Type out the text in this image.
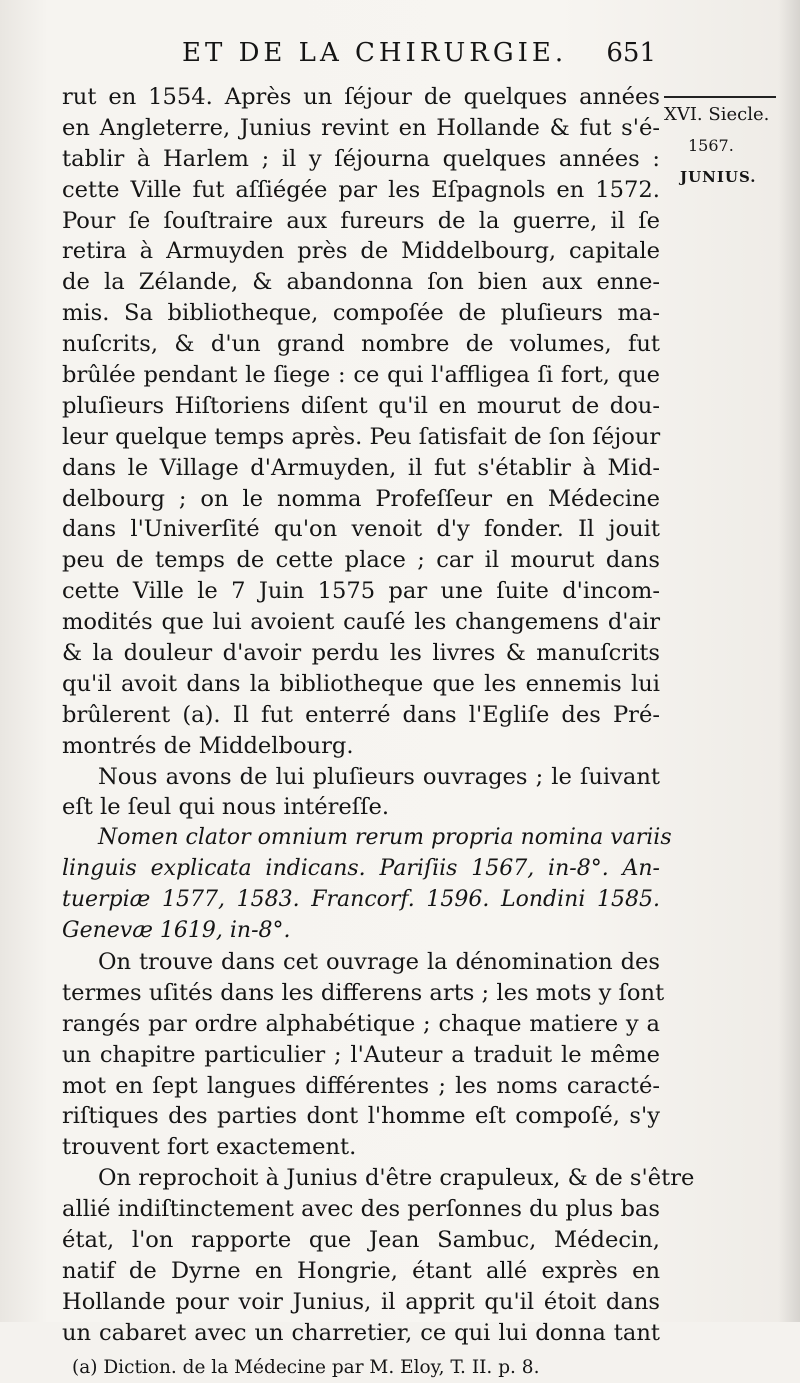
ET DE LA CHIRURGIE. 651
XVI. Siecle.
1567.
JUNIUS.
rut en 1554. Après un ſéjour de quelques années
en Angleterre, Junius revint en Hollande & fut s'é-
tablir à Harlem ; il y ſéjourna quelques années :
cette Ville fut aſſiégée par les Eſpagnols en 1572.
Pour ſe ſouſtraire aux fureurs de la guerre, il ſe
retira à Armuyden près de Middelbourg, capitale
de la Zélande, & abandonna ſon bien aux enne-
mis. Sa bibliotheque, compoſée de pluſieurs ma-
nuſcrits, & d'un grand nombre de volumes, fut
brûlée pendant le ſiege : ce qui l'affligea ſi fort, que
pluſieurs Hiſtoriens diſent qu'il en mourut de dou-
leur quelque temps après. Peu ſatisfait de ſon ſéjour
dans le Village d'Armuyden, il fut s'établir à Mid-
delbourg ; on le nomma Profeſſeur en Médecine
dans l'Univerſité qu'on venoit d'y fonder. Il jouit
peu de temps de cette place ; car il mourut dans
cette Ville le 7 Juin 1575 par une ſuite d'incom-
modités que lui avoient cauſé les changemens d'air
& la douleur d'avoir perdu les livres & manuſcrits
qu'il avoit dans la bibliotheque que les ennemis lui
brûlerent (a). Il fut enterré dans l'Egliſe des Pré-
montrés de Middelbourg.
Nous avons de lui pluſieurs ouvrages ; le ſuivant
eſt le ſeul qui nous intéreſſe.
Nomen clator omnium rerum propria nomina variis
linguis explicata indicans. Pariſiis 1567, in-8°. An-
tuerpiæ 1577, 1583. Francorf. 1596. Londini 1585.
Genevæ 1619, in-8°.
On trouve dans cet ouvrage la dénomination des
termes uſités dans les differens arts ; les mots y ſont
rangés par ordre alphabétique ; chaque matiere y a
un chapitre particulier ; l'Auteur a traduit le même
mot en ſept langues différentes ; les noms caracté-
riſtiques des parties dont l'homme eſt compoſé, s'y
trouvent fort exactement.
On reprochoit à Junius d'être crapuleux, & de s'être
allié indiſtinctement avec des perſonnes du plus bas
état, l'on rapporte que Jean Sambuc, Médecin,
natif de Dyrne en Hongrie, étant allé exprès en
Hollande pour voir Junius, il apprit qu'il étoit dans
un cabaret avec un charretier, ce qui lui donna tant
(a) Diction. de la Médecine par M. Eloy, T. II. p. 8.
